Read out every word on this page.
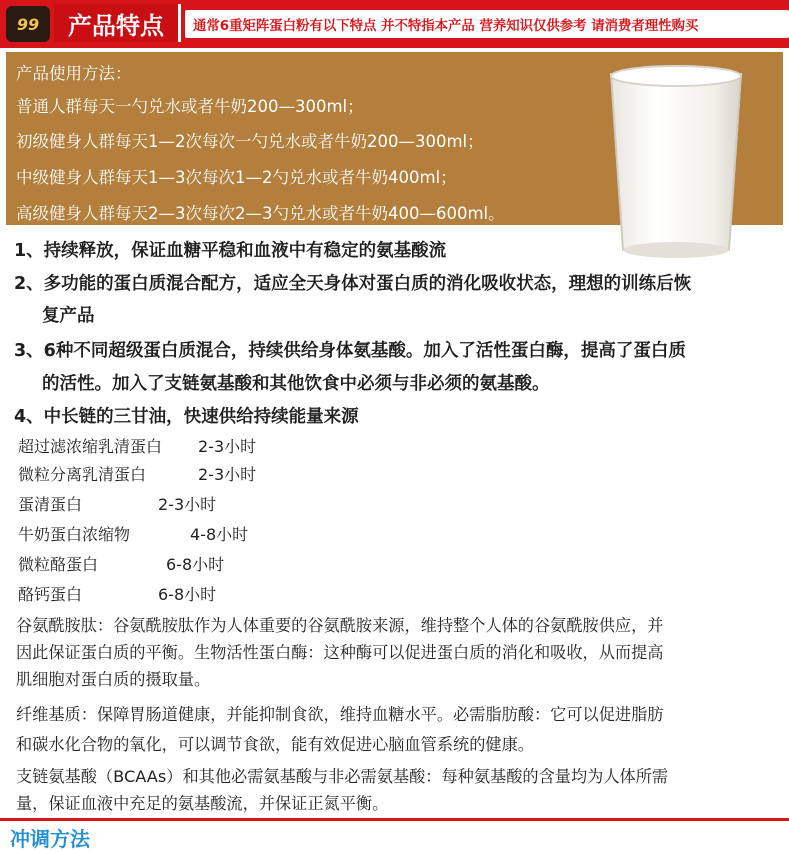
99	产品特点	通常6重矩阵蛋白粉有以下特点 并不特指本产品 营养知识仅供参考 请消费者理性购买
产品使用方法：
普通人群每天一勺兑水或者牛奶200—300ml；
初级健身人群每天1—2次每次一勺兑水或者牛奶200—300ml；
中级健身人群每天1—3次每次1—2勺兑水或者牛奶400ml；
高级健身人群每天2—3次每次2—3勺兑水或者牛奶400—600ml。
1、持续释放，保证血糖平稳和血液中有稳定的氨基酸流
2、多功能的蛋白质混合配方，适应全天身体对蛋白质的消化吸收状态，理想的训练后恢
复产品
3、6种不同超级蛋白质混合，持续供给身体氨基酸。加入了活性蛋白酶，提高了蛋白质
的活性。加入了支链氨基酸和其他饮食中必须与非必须的氨基酸。
4、中长链的三甘油，快速供给持续能量来源
超过滤浓缩乳清蛋白 2-3小时
微粒分离乳清蛋白	2-3小时
蛋清蛋白	2-3小时
牛奶蛋白浓缩物	4-8小时
微粒酪蛋白	6-8小时
酪钙蛋白	6-8小时
谷氨酰胺肽：谷氨酰胺肽作为人体重要的谷氨酰胺来源，维持整个人体的谷氨酰胺供应，并
因此保证蛋白质的平衡。生物活性蛋白酶：这种酶可以促进蛋白质的消化和吸收，从而提高
肌细胞对蛋白质的摄取量。
纤维基质：保障胃肠道健康，并能抑制食欲，维持血糖水平。必需脂肪酸：它可以促进脂肪
和碳水化合物的氧化，可以调节食欲，能有效促进心脑血管系统的健康。
支链氨基酸（BCAAs）和其他必需氨基酸与非必需氨基酸：每种氨基酸的含量均为人体所需
量，保证血液中充足的氨基酸流，并保证正氮平衡。
冲调方法
